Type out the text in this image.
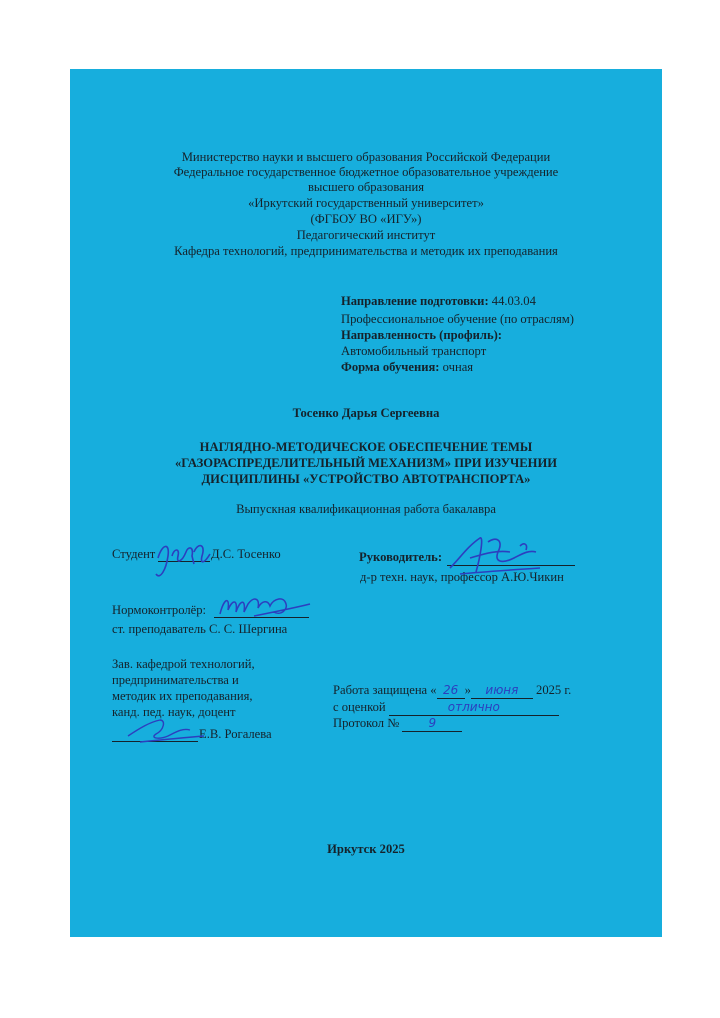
Министерство науки и высшего образования Российской Федерации
Федеральное государственное бюджетное образовательное учреждение
высшего образования
«Иркутский государственный университет»
(ФГБОУ ВО «ИГУ»)
Педагогический институт
Кафедра технологий, предпринимательства и методик их преподавания
Направление подготовки: 44.03.04
Профессиональное обучение (по отраслям)
Направленность (профиль):
Автомобильный транспорт
Форма обучения: очная
Тосенко Дарья Сергеевна
НАГЛЯДНО-МЕТОДИЧЕСКОЕ ОБЕСПЕЧЕНИЕ ТЕМЫ
«ГАЗОРАСПРЕДЕЛИТЕЛЬНЫЙ МЕХАНИЗМ» ПРИ ИЗУЧЕНИИ
ДИСЦИПЛИНЫ «УСТРОЙСТВО АВТОТРАНСПОРТА»
Выпускная квалификационная работа бакалавра
Студент	Д.С. Тосенко	Руководитель:
д-р техн. наук, профессор А.Ю.Чикин
Нормоконтролёр:
ст. преподаватель С. С. Шергина
Зав. кафедрой технологий,
предпринимательства и
методик их преподавания,
канд. пед. наук, доцент
Е.В. Рогалева
Работа защищена « 26 » июня 2025 г.
с оценкой	отлично
Протокол № 9
Иркутск 2025
